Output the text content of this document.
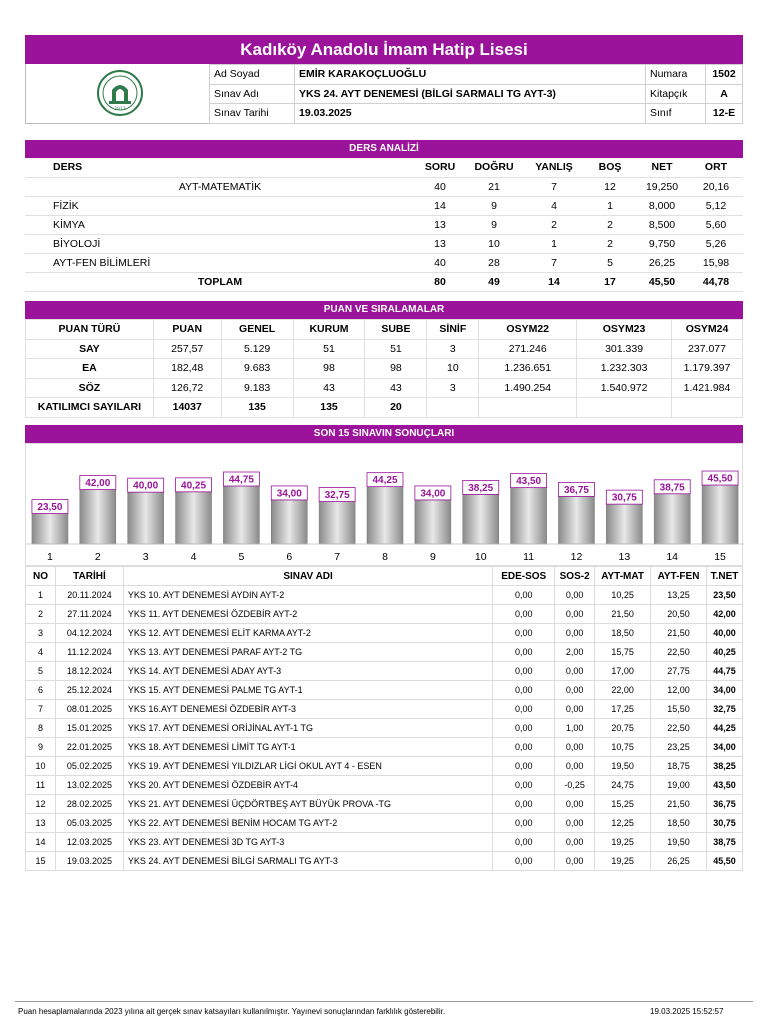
Kadıköy Anadolu İmam Hatip Lisesi
2013
Ad Soyad	EMİR KARAKOÇLUOĞLU	Numara	1502
Sınav Adı	YKS 24. AYT DENEMESİ (BİLGİ SARMALI TG AYT-3)	Kitapçık	A
Sınav Tarihi	19.03.2025	Sınıf	12-E
DERS ANALİZİ
DERS	SORU	DOĞRU	YANLIŞ	BOŞ	NET	ORT
AYT-MATEMATİK	40	21	7	12	19,250	20,16
FİZİK	14	9	4	1	8,000	5,12
KİMYA	13	9	2	2	8,500	5,60
BİYOLOJİ	13	10	1	2	9,750	5,26
AYT-FEN BİLİMLERİ	40	28	7	5	26,25	15,98
TOPLAM	80	49	14	17	45,50	44,78
PUAN VE SIRALAMALAR
PUAN TÜRÜ	PUAN	GENEL	KURUM	SUBE	SİNİF	OSYM22	OSYM23	OSYM24
SAY	257,57	5.129	51	51	3	271.246	301.339	237.077
EA	182,48	9.683	98	98	10	1.236.651	1.232.303	1.179.397
SÖZ	126,72	9.183	43	43	3	1.490.254	1.540.972	1.421.984
KATILIMCI SAYILARI	14037	135	135	20				
SON 15 SINAVIN SONUÇLARI
23,50
1
42,00
2
40,00
3
40,25
4
44,75
5
34,00
6
32,75
7
44,25
8
34,00
9
38,25
10
43,50
11
36,75
12
30,75
13
38,75
14
45,50
15
NO	TARİHİ	SINAV ADI	EDE-SOS	SOS-2	AYT-MAT	AYT-FEN	T.NET
1	20.11.2024	YKS 10. AYT DENEMESİ AYDIN AYT-2	0,00	0,00	10,25	13,25	23,50
2	27.11.2024	YKS 11. AYT DENEMESİ ÖZDEBİR AYT-2	0,00	0,00	21,50	20,50	42,00
3	04.12.2024	YKS 12. AYT DENEMESİ ELİT KARMA AYT-2	0,00	0,00	18,50	21,50	40,00
4	11.12.2024	YKS 13. AYT DENEMESİ PARAF AYT-2 TG	0,00	2,00	15,75	22,50	40,25
5	18.12.2024	YKS 14. AYT DENEMESİ ADAY AYT-3	0,00	0,00	17,00	27,75	44,75
6	25.12.2024	YKS 15. AYT DENEMESİ PALME TG AYT-1	0,00	0,00	22,00	12,00	34,00
7	08.01.2025	YKS 16.AYT DENEMESİ ÖZDEBİR AYT-3	0,00	0,00	17,25	15,50	32,75
8	15.01.2025	YKS 17. AYT DENEMESİ ORİJİNAL AYT-1 TG	0,00	1,00	20,75	22,50	44,25
9	22.01.2025	YKS 18. AYT DENEMESİ LİMİT TG AYT-1	0,00	0,00	10,75	23,25	34,00
10	05.02.2025	YKS 19. AYT DENEMESİ YILDIZLAR LİGİ OKUL AYT 4 - ESEN	0,00	0,00	19,50	18,75	38,25
11	13.02.2025	YKS 20. AYT DENEMESİ ÖZDEBİR AYT-4	0,00	-0,25	24,75	19,00	43,50
12	28.02.2025	YKS 21. AYT DENEMESİ ÜÇDÖRTBEŞ AYT BÜYÜK PROVA -TG	0,00	0,00	15,25	21,50	36,75
13	05.03.2025	YKS 22. AYT DENEMESİ BENİM HOCAM TG AYT-2	0,00	0,00	12,25	18,50	30,75
14	12.03.2025	YKS 23. AYT DENEMESİ 3D TG AYT-3	0,00	0,00	19,25	19,50	38,75
15	19.03.2025	YKS 24. AYT DENEMESİ BİLGİ SARMALI TG AYT-3	0,00	0,00	19,25	26,25	45,50
Puan hesaplamalarında 2023 yılına ait gerçek sınav katsayıları kullanılmıştır. Yayınevi sonuçlarından farklılık gösterebilir.	19.03.2025 15:52:57
